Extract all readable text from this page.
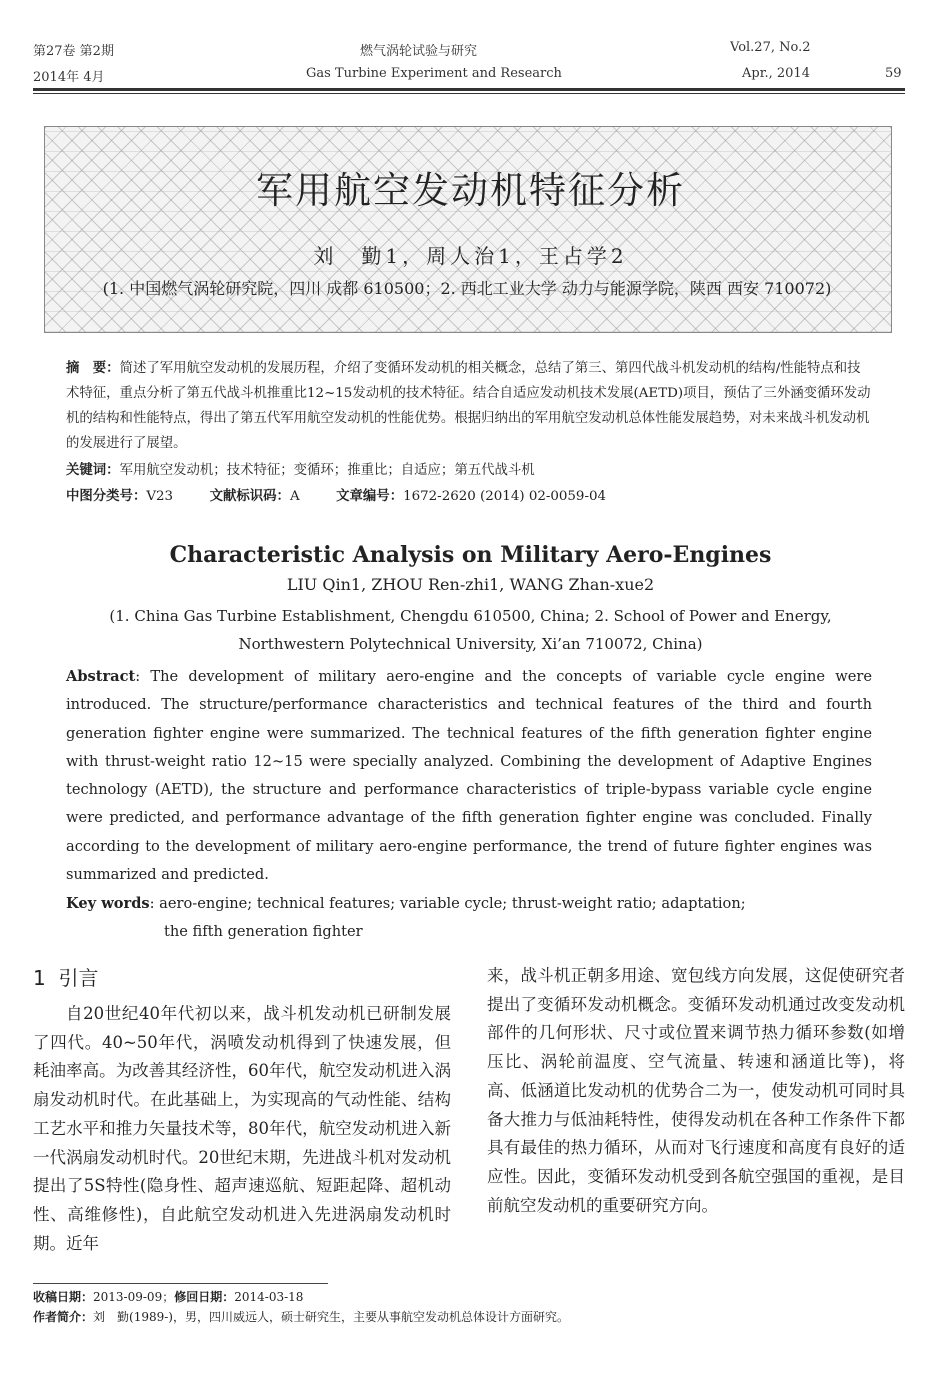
第27卷 第2期	燃气涡轮试验与研究	Vol.27, No.2
2014年 4月	Gas Turbine Experiment and Research	Apr., 2014	59
军用航空发动机特征分析
刘　勤1，周人治1，王占学2
(1. 中国燃气涡轮研究院，四川 成都 610500；2. 西北工业大学 动力与能源学院，陕西 西安 710072)
摘　要：简述了军用航空发动机的发展历程，介绍了变循环发动机的相关概念，总结了第三、第四代战斗机发动机的结构/性能特点和技术特征，重点分析了第五代战斗机推重比12~15发动机的技术特征。结合自适应发动机技术发展(AETD)项目，预估了三外涵变循环发动机的结构和性能特点，得出了第五代军用航空发动机的性能优势。根据归纳出的军用航空发动机总体性能发展趋势，对未来战斗机发动机的发展进行了展望。
关键词：军用航空发动机；技术特征；变循环；推重比；自适应；第五代战斗机
中图分类号：V23	文献标识码：A	文章编号：1672-2620 (2014) 02-0059-04
Characteristic Analysis on Military Aero-Engines
LIU Qin1, ZHOU Ren-zhi1, WANG Zhan-xue2
(1. China Gas Turbine Establishment, Chengdu 610500, China; 2. School of Power and Energy,
Northwestern Polytechnical University, Xi’an 710072, China)
Abstract: The development of military aero-engine and the concepts of variable cycle engine were introduced. The structure/performance characteristics and technical features of the third and fourth generation fighter engine were summarized. The technical features of the fifth generation fighter engine with thrust-weight ratio 12~15 were specially analyzed. Combining the development of Adaptive Engines technology (AETD), the structure and performance characteristics of triple-bypass variable cycle engine were predicted, and performance advantage of the fifth generation fighter engine was concluded. Finally according to the development of military aero-engine performance, the trend of future fighter engines was summarized and predicted.
Key words: aero-engine; technical features; variable cycle; thrust-weight ratio; adaptation;
the fifth generation fighter
1 引言
自20世纪40年代初以来，战斗机发动机已研制发展了四代。40~50年代，涡喷发动机得到了快速发展，但耗油率高。为改善其经济性，60年代，航空发动机进入涡扇发动机时代。在此基础上，为实现高的气动性能、结构工艺水平和推力矢量技术等，80年代，航空发动机进入新一代涡扇发动机时代。20世纪末期，先进战斗机对发动机提出了5S特性(隐身性、超声速巡航、短距起降、超机动性、高维修性)，自此航空发动机进入先进涡扇发动机时期。近年
来，战斗机正朝多用途、宽包线方向发展，这促使研究者提出了变循环发动机概念。变循环发动机通过改变发动机部件的几何形状、尺寸或位置来调节热力循环参数(如增压比、涡轮前温度、空气流量、转速和涵道比等)，将高、低涵道比发动机的优势合二为一，使发动机可同时具备大推力与低油耗特性，使得发动机在各种工作条件下都具有最佳的热力循环，从而对飞行速度和高度有良好的适应性。因此，变循环发动机受到各航空强国的重视，是目前航空发动机的重要研究方向。
收稿日期：2013-09-09；修回日期：2014-03-18
作者简介：刘　勤(1989-)，男，四川威远人，硕士研究生，主要从事航空发动机总体设计方面研究。
